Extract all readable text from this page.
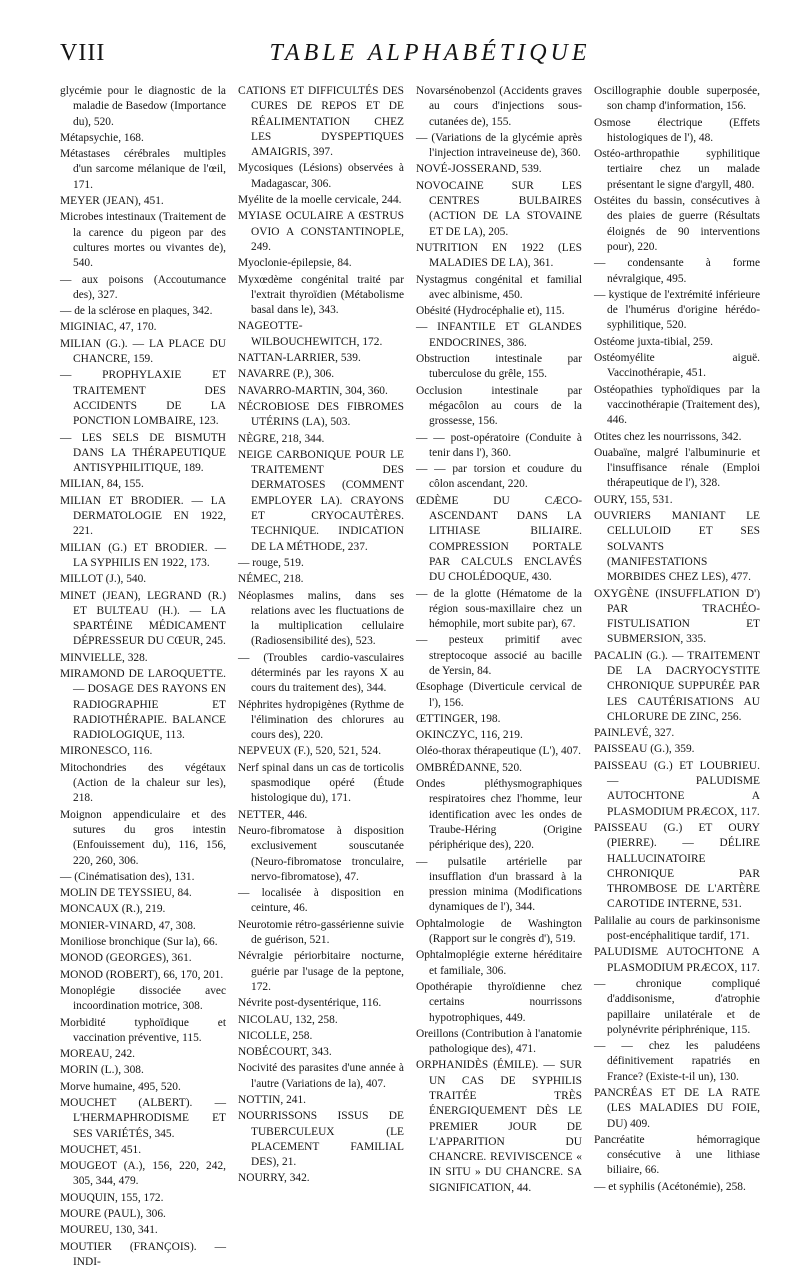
VIII	TABLE ALPHABÉTIQUE

glycémie pour le diagnostic de la maladie de Basedow (Importance du), 520.

Métapsychie, 168.

Métastases cérébrales multiples d'un sarcome mélanique de l'œil, 171.

MEYER (JEAN), 451.

Microbes intestinaux (Traitement de la carence du pigeon par des cultures mortes ou vivantes de), 540.

— aux poisons (Accoutumance des), 327.

— de la sclérose en plaques, 342.

MIGINIAC, 47, 170.

MILIAN (G.). — LA PLACE DU CHANCRE, 159.

— PROPHYLAXIE ET TRAITEMENT DES ACCIDENTS DE LA PONCTION LOMBAIRE, 123.

— LES SELS DE BISMUTH DANS LA THÉRAPEUTIQUE ANTISYPHILITIQUE, 189.

MILIAN, 84, 155.

MILIAN ET BRODIER. — LA DERMATOLOGIE EN 1922, 221.

MILIAN (G.) ET BRODIER. — LA SYPHILIS EN 1922, 173.

MILLOT (J.), 540.

MINET (JEAN), LEGRAND (R.) ET BULTEAU (H.). — LA SPARTÉINE MÉDICAMENT DÉPRESSEUR DU CŒUR, 245.

MINVIELLE, 328.

MIRAMOND DE LAROQUETTE. — DOSAGE DES RAYONS EN RADIOGRAPHIE ET RADIOTHÉRAPIE. BALANCE RADIOLOGIQUE, 113.

MIRONESCO, 116.

Mitochondries des végétaux (Action de la chaleur sur les), 218.

Moignon appendiculaire et des sutures du gros intestin (Enfouissement du), 116, 156, 220, 260, 306.

— (Cinématisation des), 131.

MOLIN DE TEYSSIEU, 84.

MONCAUX (R.), 219.

MONIER-VINARD, 47, 308.

Moniliose bronchique (Sur la), 66.

MONOD (GEORGES), 361.

MONOD (ROBERT), 66, 170, 201.

Monoplégie dissociée avec incoordination motrice, 308.

Morbidité typhoïdique et vaccination préventive, 115.

MOREAU, 242.

MORIN (L.), 308.

Morve humaine, 495, 520.

MOUCHET (ALBERT). — L'HERMAPHRODISME ET SES VARIÉTÉS, 345.

MOUCHET, 451.

MOUGEOT (A.), 156, 220, 242, 305, 344, 479.

MOUQUIN, 155, 172.

MOURE (PAUL), 306.

MOUREU, 130, 341.

MOUTIER (FRANÇOIS). — INDI-

CATIONS ET DIFFICULTÉS DES CURES DE REPOS ET DE RÉALIMENTATION CHEZ LES DYSPEPTIQUES AMAIGRIS, 397.

Mycosiques (Lésions) observées à Madagascar, 306.

Myélite de la moelle cervicale, 244.

MYIASE OCULAIRE A ŒSTRUS OVIO A CONSTANTINOPLE, 249.

Myoclonie-épilepsie, 84.

Myxœdème congénital traité par l'extrait thyroïdien (Métabolisme basal dans le), 343.

NAGEOTTE-WILBOUCHEWITCH, 172.

NATTAN-LARRIER, 539.

NAVARRE (P.), 306.

NAVARRO-MARTIN, 304, 360.

NÉCROBIOSE DES FIBROMES UTÉRINS (LA), 503.

NÈGRE, 218, 344.

NEIGE CARBONIQUE POUR LE TRAITEMENT DES DERMATOSES (COMMENT EMPLOYER LA). CRAYONS ET CRYOCAUTÈRES. TECHNIQUE. INDICATION DE LA MÉTHODE, 237.

— rouge, 519.

NÉMEC, 218.

Néoplasmes malins, dans ses relations avec les fluctuations de la multiplication cellulaire (Radiosensibilité des), 523.

— (Troubles cardio-vasculaires déterminés par les rayons X au cours du traitement des), 344.

Néphrites hydropigènes (Rythme de l'élimination des chlorures au cours des), 220.

NEPVEUX (F.), 520, 521, 524.

Nerf spinal dans un cas de torticolis spasmodique opéré (Étude histologique du), 171.

NETTER, 446.

Neuro-fibromatose à disposition exclusivement souscutanée (Neuro-fibromatose tronculaire, nervo-fibromatose), 47.

— localisée à disposition en ceinture, 46.

Neurotomie rétro-gassérienne suivie de guérison, 521.

Névralgie périorbitaire nocturne, guérie par l'usage de la peptone, 172.

Névrite post-dysentérique, 116.

NICOLAU, 132, 258.

NICOLLE, 258.

NOBÉCOURT, 343.

Nocivité des parasites d'une année à l'autre (Variations de la), 407.

NOTTIN, 241.

NOURRISSONS ISSUS DE TUBERCULEUX (LE PLACEMENT FAMILIAL DES), 21.

NOURRY, 342.

Novarsénobenzol (Accidents graves au cours d'injections sous-cutanées de), 155.

— (Variations de la glycémie après l'injection intraveineuse de), 360.

NOVÉ-JOSSERAND, 539.

NOVOCAINE SUR LES CENTRES BULBAIRES (ACTION DE LA STOVAINE ET DE LA), 205.

NUTRITION EN 1922 (LES MALADIES DE LA), 361.

Nystagmus congénital et familial avec albinisme, 450.

Obésité (Hydrocéphalie et), 115.

— INFANTILE ET GLANDES ENDOCRINES, 386.

Obstruction intestinale par tuberculose du grêle, 155.

Occlusion intestinale par mégacôlon au cours de la grossesse, 156.

— — post-opératoire (Conduite à tenir dans l'), 360.

— — par torsion et coudure du côlon ascendant, 220.

ŒDÈME DU CÆCO-ASCENDANT DANS LA LITHIASE BILIAIRE. COMPRESSION PORTALE PAR CALCULS ENCLAVÉS DU CHOLÉDOQUE, 430.

— de la glotte (Hématome de la région sous-maxillaire chez un hémophile, mort subite par), 67.

— pesteux primitif avec streptocoque associé au bacille de Yersin, 84.

Œsophage (Diverticule cervical de l'), 156.

ŒTTINGER, 198.

OKINCZYC, 116, 219.

Oléo-thorax thérapeutique (L'), 407.

OMBRÉDANNE, 520.

Ondes pléthysmographiques respiratoires chez l'homme, leur identification avec les ondes de Traube-Héring (Origine périphérique des), 220.

— pulsatile artérielle par insufflation d'un brassard à la pression minima (Modifications dynamiques de l'), 344.

Ophtalmologie de Washington (Rapport sur le congrès d'), 519.

Ophtalmoplégie externe héréditaire et familiale, 306.

Opothérapie thyroïdienne chez certains nourrissons hypotrophiques, 449.

Oreillons (Contribution à l'anatomie pathologique des), 471.

ORPHANIDÈS (ÉMILE). — SUR UN CAS DE SYPHILIS TRAITÉE TRÈS ÉNERGIQUEMENT DÈS LE PREMIER JOUR DE L'APPARITION DU CHANCRE. REVIVISCENCE « IN SITU » DU CHANCRE. SA SIGNIFICATION, 44.

Oscillographie double superposée, son champ d'information, 156.

Osmose électrique (Effets histologiques de l'), 48.

Ostéo-arthropathie syphilitique tertiaire chez un malade présentant le signe d'argyll, 480.

Ostéites du bassin, consécutives à des plaies de guerre (Résultats éloignés de 90 interventions pour), 220.

— condensante à forme névralgique, 495.

— kystique de l'extrémité inférieure de l'humérus d'origine hérédo-syphilitique, 520.

Ostéome juxta-tibial, 259.

Ostéomyélite aiguë. Vaccinothérapie, 451.

Ostéopathies typhoïdiques par la vaccinothérapie (Traitement des), 446.

Otites chez les nourrissons, 342.

Ouabaïne, malgré l'albuminurie et l'insuffisance rénale (Emploi thérapeutique de l'), 328.

OURY, 155, 531.

OUVRIERS MANIANT LE CELLULOID ET SES SOLVANTS (MANIFESTATIONS MORBIDES CHEZ LES), 477.

OXYGÈNE (INSUFFLATION D') PAR TRACHÉO-FISTULISATION ET SUBMERSION, 335.

PACALIN (G.). — TRAITEMENT DE LA DACRYOCYSTITE CHRONIQUE SUPPURÉE PAR LES CAUTÉRISATIONS AU CHLORURE DE ZINC, 256.

PAINLEVÉ, 327.

PAISSEAU (G.), 359.

PAISSEAU (G.) ET LOUBRIEU. — PALUDISME AUTOCHTONE A PLASMODIUM PRÆCOX, 117.

PAISSEAU (G.) ET OURY (PIERRE). — DÉLIRE HALLUCINATOIRE CHRONIQUE PAR THROMBOSE DE L'ARTÈRE CAROTIDE INTERNE, 531.

Palilalie au cours de parkinsonisme post-encéphalitique tardif, 171.

PALUDISME AUTOCHTONE A PLASMODIUM PRÆCOX, 117.

— chronique compliqué d'addisonisme, d'atrophie papillaire unilatérale et de polynévrite périphrénique, 115.

— — chez les paludéens définitivement rapatriés en France? (Existe-t-il un), 130.

PANCRÉAS ET DE LA RATE (LES MALADIES DU FOIE, DU) 409.

Pancréatite hémorragique consécutive à une lithiase biliaire, 66.

— et syphilis (Acétonémie), 258.
